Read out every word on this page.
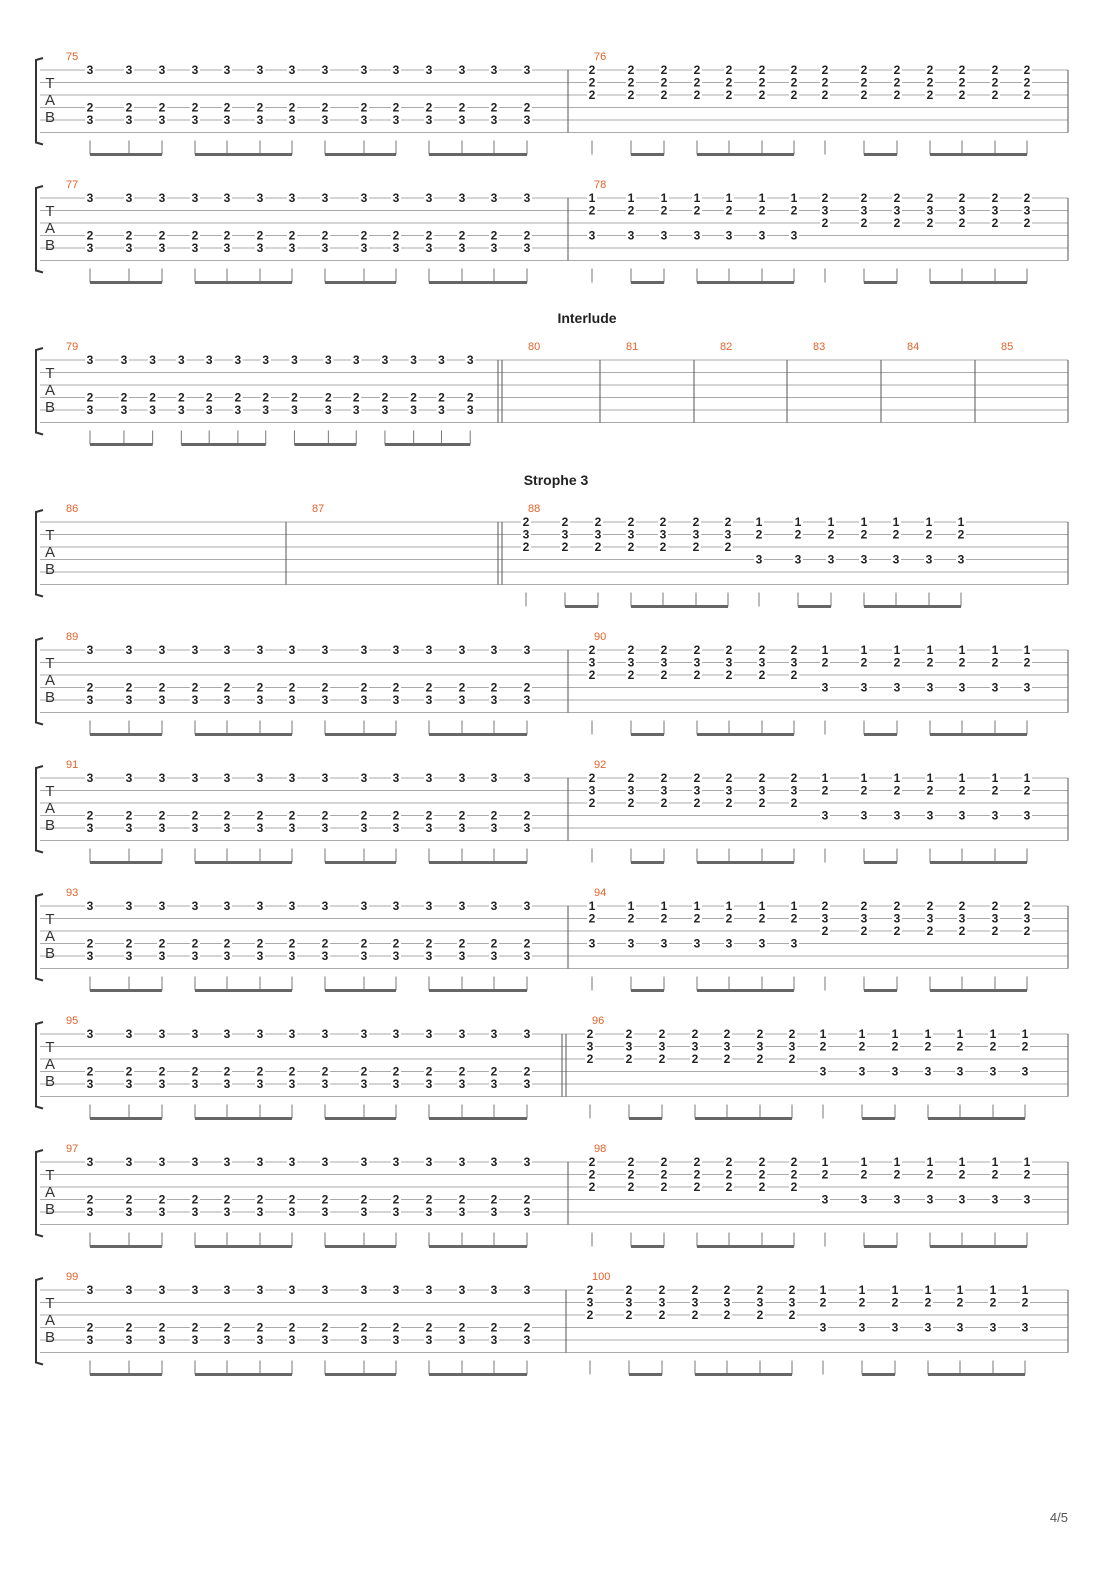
T
A
B
75
3
2
3
3
2
3
3
2
3
3
2
3
3
2
3
3
2
3
3
2
3
3
2
3
3
2
3
3
2
3
3
2
3
3
2
3
3
2
3
3
2
3
76
2
2
2
2
2
2
2
2
2
2
2
2
2
2
2
2
2
2
2
2
2
2
2
2
2
2
2
2
2
2
2
2
2
2
2
2
2
2
2
2
2
2
T
A
B
77
3
2
3
3
2
3
3
2
3
3
2
3
3
2
3
3
2
3
3
2
3
3
2
3
3
2
3
3
2
3
3
2
3
3
2
3
3
2
3
3
2
3
78
1
2
3
1
2
3
1
2
3
1
2
3
1
2
3
1
2
3
1
2
3
2
3
2
2
3
2
2
3
2
2
3
2
2
3
2
2
3
2
2
3
2
T
A
B
79
3
2
3
3
2
3
3
2
3
3
2
3
3
2
3
3
2
3
3
2
3
3
2
3
3
2
3
3
2
3
3
2
3
3
2
3
3
2
3
3
2
3
80	81	82	83	84	85
T
A
B
86	87	88
2
3
2
2
3
2
2
3
2
2
3
2
2
3
2
2
3
2
2
3
2
1
2
3
1
2
3
1
2
3
1
2
3
1
2
3
1
2
3
1
2
3
T
A
B
89
3
2
3
3
2
3
3
2
3
3
2
3
3
2
3
3
2
3
3
2
3
3
2
3
3
2
3
3
2
3
3
2
3
3
2
3
3
2
3
3
2
3
90
2
3
2
2
3
2
2
3
2
2
3
2
2
3
2
2
3
2
2
3
2
1
2
3
1
2
3
1
2
3
1
2
3
1
2
3
1
2
3
1
2
3
T
A
B
91
3
2
3
3
2
3
3
2
3
3
2
3
3
2
3
3
2
3
3
2
3
3
2
3
3
2
3
3
2
3
3
2
3
3
2
3
3
2
3
3
2
3
92
2
3
2
2
3
2
2
3
2
2
3
2
2
3
2
2
3
2
2
3
2
1
2
3
1
2
3
1
2
3
1
2
3
1
2
3
1
2
3
1
2
3
T
A
B
93
3
2
3
3
2
3
3
2
3
3
2
3
3
2
3
3
2
3
3
2
3
3
2
3
3
2
3
3
2
3
3
2
3
3
2
3
3
2
3
3
2
3
94
1
2
3
1
2
3
1
2
3
1
2
3
1
2
3
1
2
3
1
2
3
2
3
2
2
3
2
2
3
2
2
3
2
2
3
2
2
3
2
2
3
2
T
A
B
95
3
2
3
3
2
3
3
2
3
3
2
3
3
2
3
3
2
3
3
2
3
3
2
3
3
2
3
3
2
3
3
2
3
3
2
3
3
2
3
3
2
3
96
2
3
2
2
3
2
2
3
2
2
3
2
2
3
2
2
3
2
2
3
2
1
2
3
1
2
3
1
2
3
1
2
3
1
2
3
1
2
3
1
2
3
T
A
B
97
3
2
3
3
2
3
3
2
3
3
2
3
3
2
3
3
2
3
3
2
3
3
2
3
3
2
3
3
2
3
3
2
3
3
2
3
3
2
3
3
2
3
98
2
2
2
2
2
2
2
2
2
2
2
2
2
2
2
2
2
2
2
2
2
1
2
3
1
2
3
1
2
3
1
2
3
1
2
3
1
2
3
1
2
3
T
A
B
99
3
2
3
3
2
3
3
2
3
3
2
3
3
2
3
3
2
3
3
2
3
3
2
3
3
2
3
3
2
3
3
2
3
3
2
3
3
2
3
3
2
3
100
2
3
2
2
3
2
2
3
2
2
3
2
2
3
2
2
3
2
2
3
2
1
2
3
1
2
3
1
2
3
1
2
3
1
2
3
1
2
3
1
2
3
Interlude
Strophe 3
4/5
